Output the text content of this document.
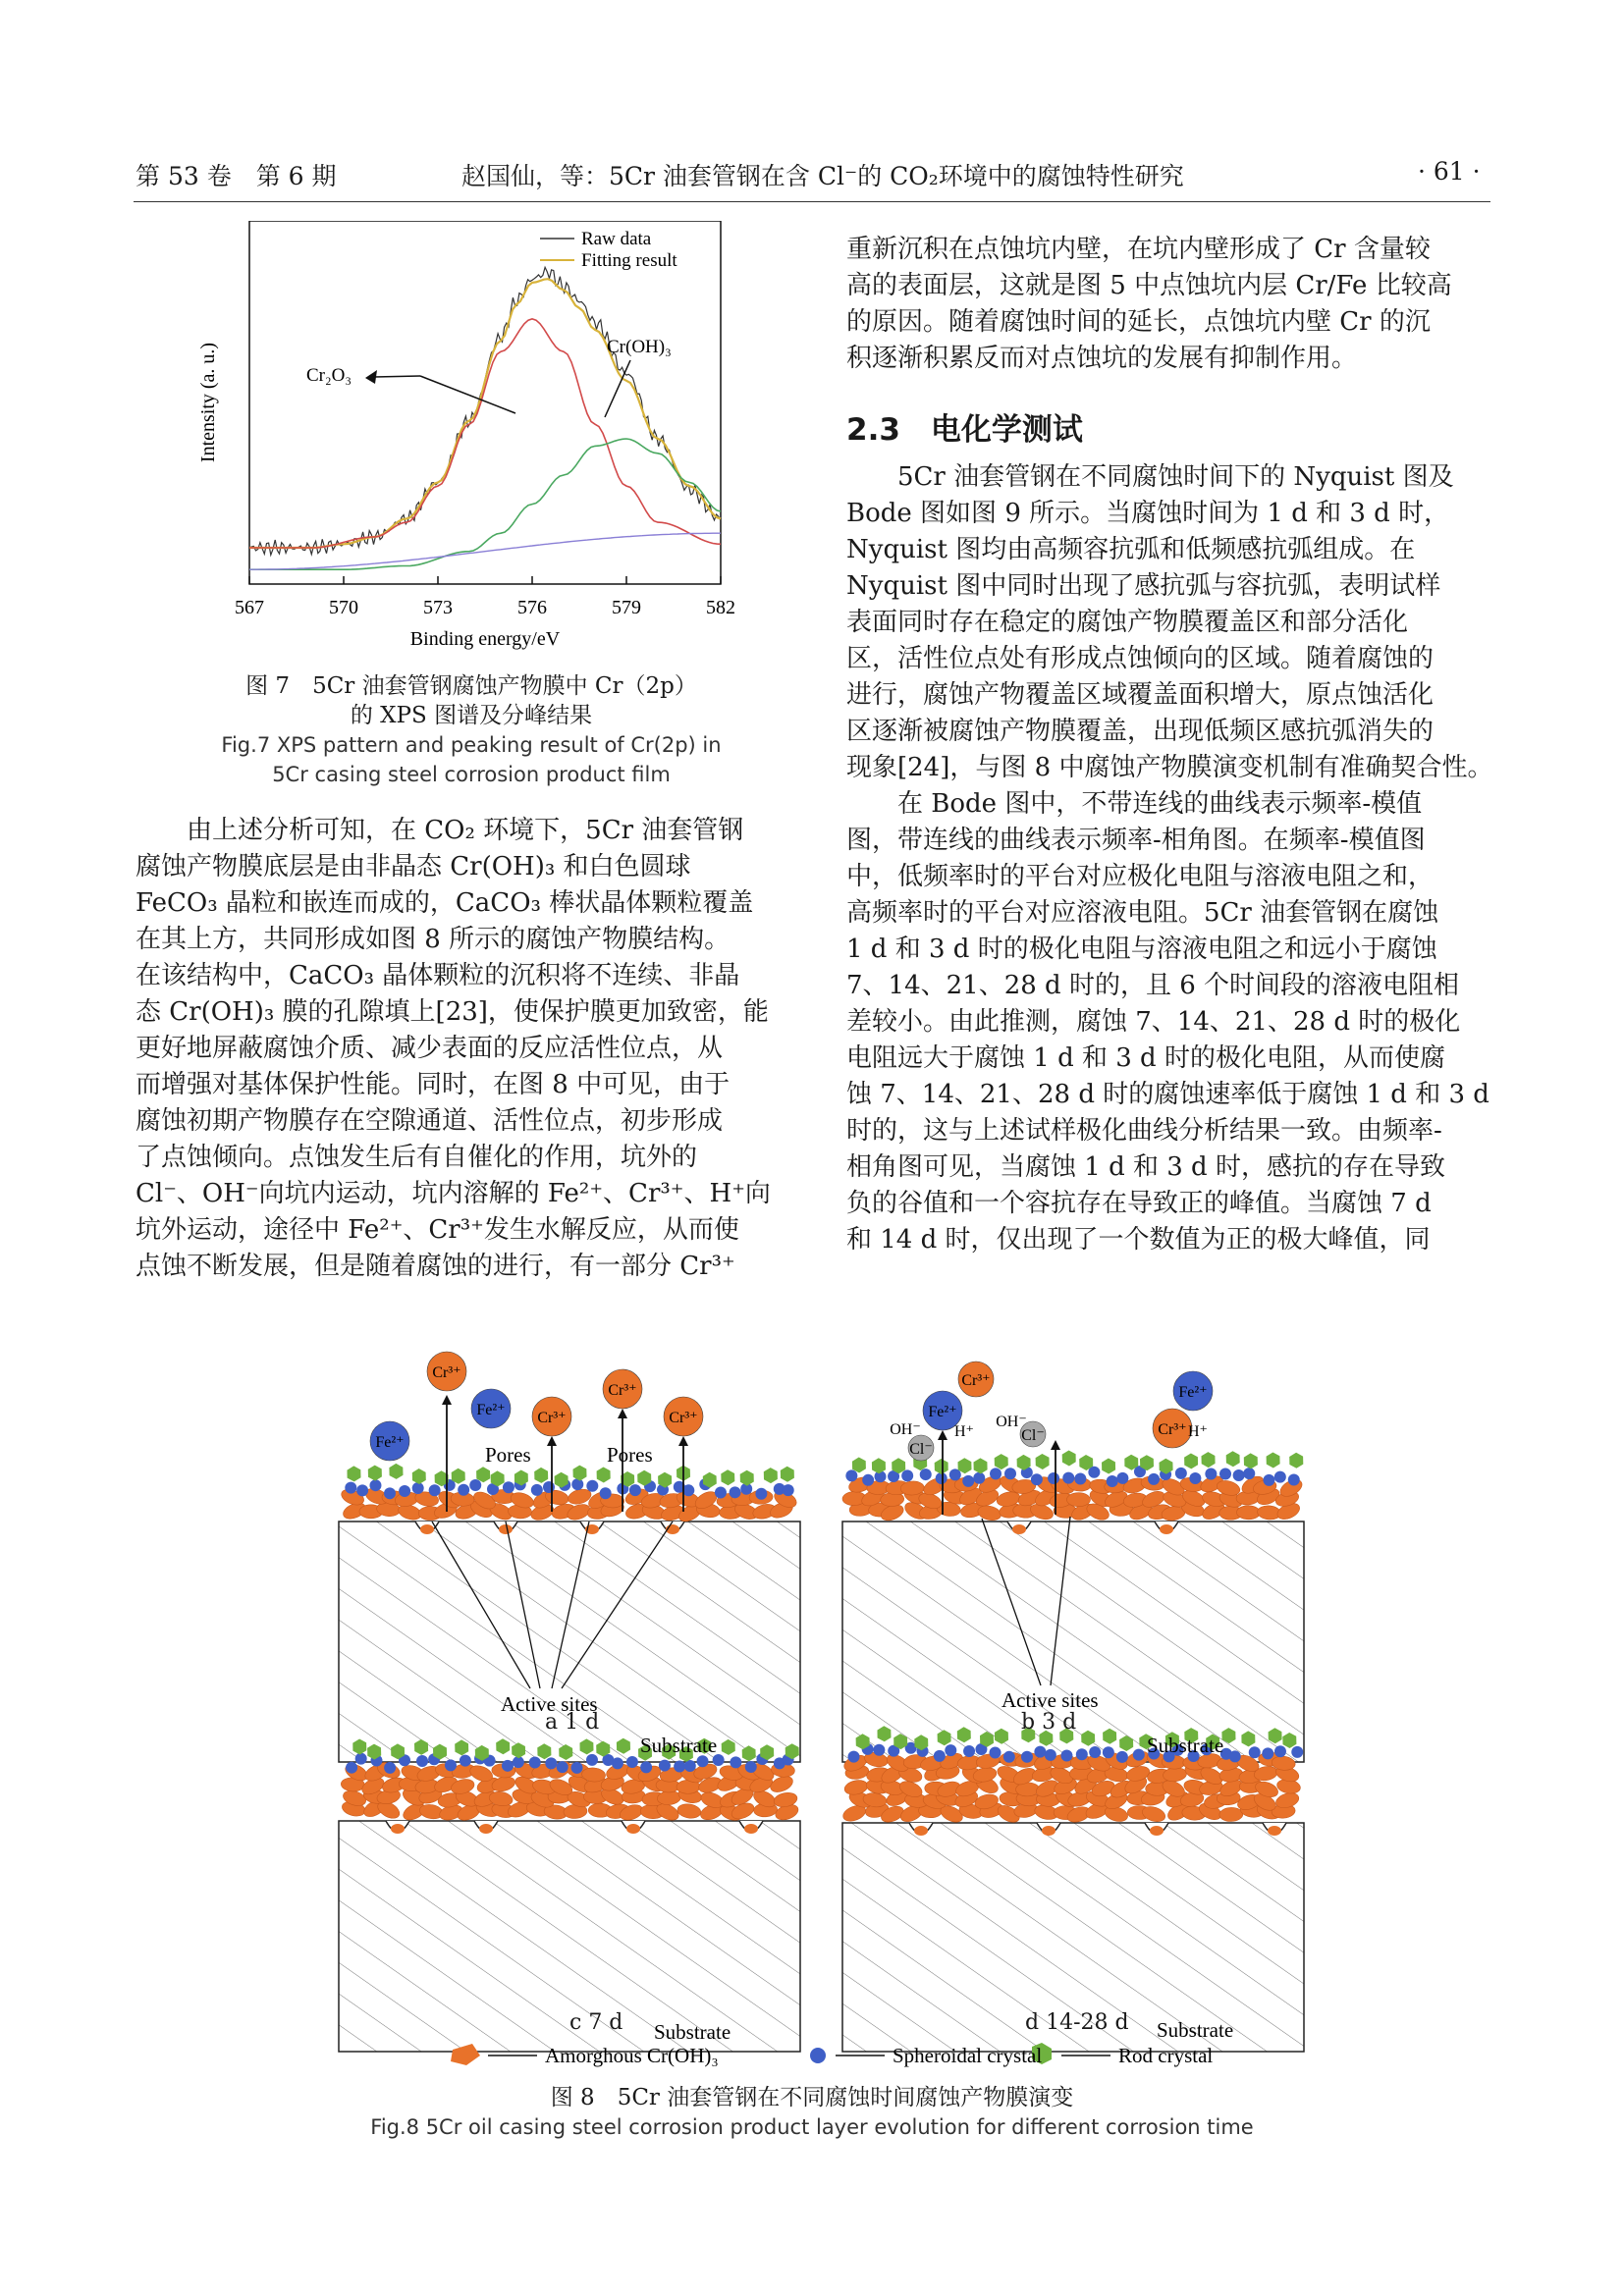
第 53 卷　第 6 期	赵国仙，等：5Cr 油套管钢在含 Cl⁻的 CO₂环境中的腐蚀特性研究	· 61 ·
567	570	573	576	579	582
Raw data
Fitting result
Cr(OH)₃
Cr₂O₃
Binding energy/eV
Intensity (a. u.)
图 7　5Cr 油套管钢腐蚀产物膜中 Cr（2p）
的 XPS 图谱及分峰结果
Fig.7 XPS pattern and peaking result of Cr(2p) in
5Cr casing steel corrosion product film
　　由上述分析可知，在 CO₂ 环境下，5Cr 油套管钢
腐蚀产物膜底层是由非晶态 Cr(OH)₃ 和白色圆球
FeCO₃ 晶粒和嵌连而成的，CaCO₃ 棒状晶体颗粒覆盖
在其上方，共同形成如图 8 所示的腐蚀产物膜结构。
在该结构中，CaCO₃ 晶体颗粒的沉积将不连续、非晶
态 Cr(OH)₃ 膜的孔隙填上[23]，使保护膜更加致密，能
更好地屏蔽腐蚀介质、减少表面的反应活性位点，从
而增强对基体保护性能。同时，在图 8 中可见，由于
腐蚀初期产物膜存在空隙通道、活性位点，初步形成
了点蚀倾向。点蚀发生后有自催化的作用，坑外的
Cl⁻、OH⁻向坑内运动，坑内溶解的 Fe²⁺、Cr³⁺、H⁺向
坑外运动，途径中 Fe²⁺、Cr³⁺发生水解反应，从而使
点蚀不断发展，但是随着腐蚀的进行，有一部分 Cr³⁺
重新沉积在点蚀坑内壁，在坑内壁形成了 Cr 含量较
高的表面层，这就是图 5 中点蚀坑内层 Cr/Fe 比较高
的原因。随着腐蚀时间的延长，点蚀坑内壁 Cr 的沉
积逐渐积累反而对点蚀坑的发展有抑制作用。
2.3　电化学测试
　　5Cr 油套管钢在不同腐蚀时间下的 Nyquist 图及
Bode 图如图 9 所示。当腐蚀时间为 1 d 和 3 d 时，
Nyquist 图均由高频容抗弧和低频感抗弧组成。在
Nyquist 图中同时出现了感抗弧与容抗弧，表明试样
表面同时存在稳定的腐蚀产物膜覆盖区和部分活化
区，活性位点处有形成点蚀倾向的区域。随着腐蚀的
进行，腐蚀产物覆盖区域覆盖面积增大，原点蚀活化
区逐渐被腐蚀产物膜覆盖，出现低频区感抗弧消失的
现象[24]，与图 8 中腐蚀产物膜演变机制有准确契合性。
　　在 Bode 图中，不带连线的曲线表示频率-模值
图，带连线的曲线表示频率-相角图。在频率-模值图
中，低频率时的平台对应极化电阻与溶液电阻之和，
高频率时的平台对应溶液电阻。5Cr 油套管钢在腐蚀
1 d 和 3 d 时的极化电阻与溶液电阻之和远小于腐蚀
7、14、21、28 d 时的，且 6 个时间段的溶液电阻相
差较小。由此推测，腐蚀 7、14、21、28 d 时的极化
电阻远大于腐蚀 1 d 和 3 d 时的极化电阻，从而使腐
蚀 7、14、21、28 d 时的腐蚀速率低于腐蚀 1 d 和 3 d
时的，这与上述试样极化曲线分析结果一致。由频率-
相角图可见，当腐蚀 1 d 和 3 d 时，感抗的存在导致
负的谷值和一个容抗存在导致正的峰值。当腐蚀 7 d
和 14 d 时，仅出现了一个数值为正的极大峰值，同
Cr³⁺
Fe²⁺
Fe²⁺
Cr³⁺
Cr³⁺
Cr³⁺	Fe²⁺
Cr³⁺
Fe²⁺
Cr³⁺
Cl⁻
Cl⁻
H⁺	H⁺
OH⁻	OH⁻
Active sites	Active sites
Pores	Pores
Substrate	Substrate
Substrate	Substrate
a 1 d	b 3 d
c 7 d	d 14-28 d
Amorghous Cr(OH)₃	Spheroidal crystal	Rod crystal
图 8　5Cr 油套管钢在不同腐蚀时间腐蚀产物膜演变
Fig.8 5Cr oil casing steel corrosion product layer evolution for different corrosion time
